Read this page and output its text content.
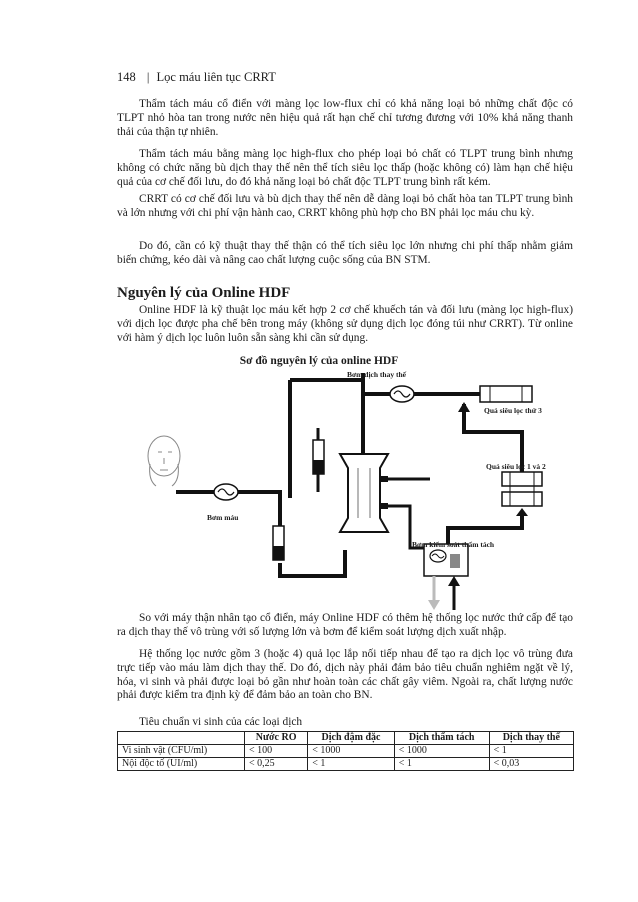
148 | Lọc máu liên tục CRRT

Thẩm tách máu cổ điển với màng lọc low-flux chỉ có khả năng loại bỏ những chất độc có TLPT nhỏ hòa tan trong nước nên hiệu quả rất hạn chế chỉ tương đương với 10% khả năng thanh thải của thận tự nhiên.

Thẩm tách máu bằng màng lọc high-flux cho phép loại bỏ chất có TLPT trung bình nhưng không có chức năng bù dịch thay thế nên thể tích siêu lọc thấp (hoặc không có) làm hạn chế hiệu quả của cơ chế đối lưu, do đó khả năng loại bỏ chất độc TLPT trung bình rất kém.

CRRT có cơ chế đối lưu và bù dịch thay thế nên dễ dàng loại bỏ chất hòa tan TLPT trung bình và lớn nhưng với chi phí vận hành cao, CRRT không phù hợp cho BN phải lọc máu chu kỳ.

Do đó, cần có kỹ thuật thay thế thận có thể tích siêu lọc lớn nhưng chi phí thấp nhằm giảm biến chứng, kéo dài và nâng cao chất lượng cuộc sống của BN STM.

Nguyên lý của Online HDF

Online HDF là kỹ thuật lọc máu kết hợp 2 cơ chế khuếch tán và đối lưu (màng lọc high-flux) với dịch lọc được pha chế bên trong máy (không sử dụng dịch lọc đóng túi như CRRT). Từ online với hàm ý dịch lọc luôn luôn sẵn sàng khi cần sử dụng.

Sơ đồ nguyên lý của online HDF
Bơm dịch thay thế
Quả siêu lọc thứ 3
Quả siêu lọc 1 và 2
Bơm máu
Bơm kiểm soát thẩm tách

So với máy thận nhân tạo cổ điển, máy Online HDF có thêm hệ thống lọc nước thứ cấp để tạo ra dịch thay thế vô trùng với số lượng lớn và bơm để kiểm soát lượng dịch xuất nhập.

Hệ thống lọc nước gồm 3 (hoặc 4) quả lọc lắp nối tiếp nhau để tạo ra dịch lọc vô trùng đưa trực tiếp vào máu làm dịch thay thế. Do đó, dịch này phải đảm bảo tiêu chuẩn nghiêm ngặt về lý, hóa, vi sinh và phải được loại bỏ gần như hoàn toàn các chất gây viêm. Ngoài ra, chất lượng nước phải được kiểm tra định kỳ để đảm bảo an toàn cho BN.

Tiêu chuẩn vi sinh của các loại dịch
	Nước RO	Dịch đậm đặc	Dịch thẩm tách	Dịch thay thế
Vi sinh vật (CFU/ml)	< 100	< 1000	< 1000	< 1
Nội độc tố (UI/ml)	< 0,25	< 1	< 1	< 0,03
